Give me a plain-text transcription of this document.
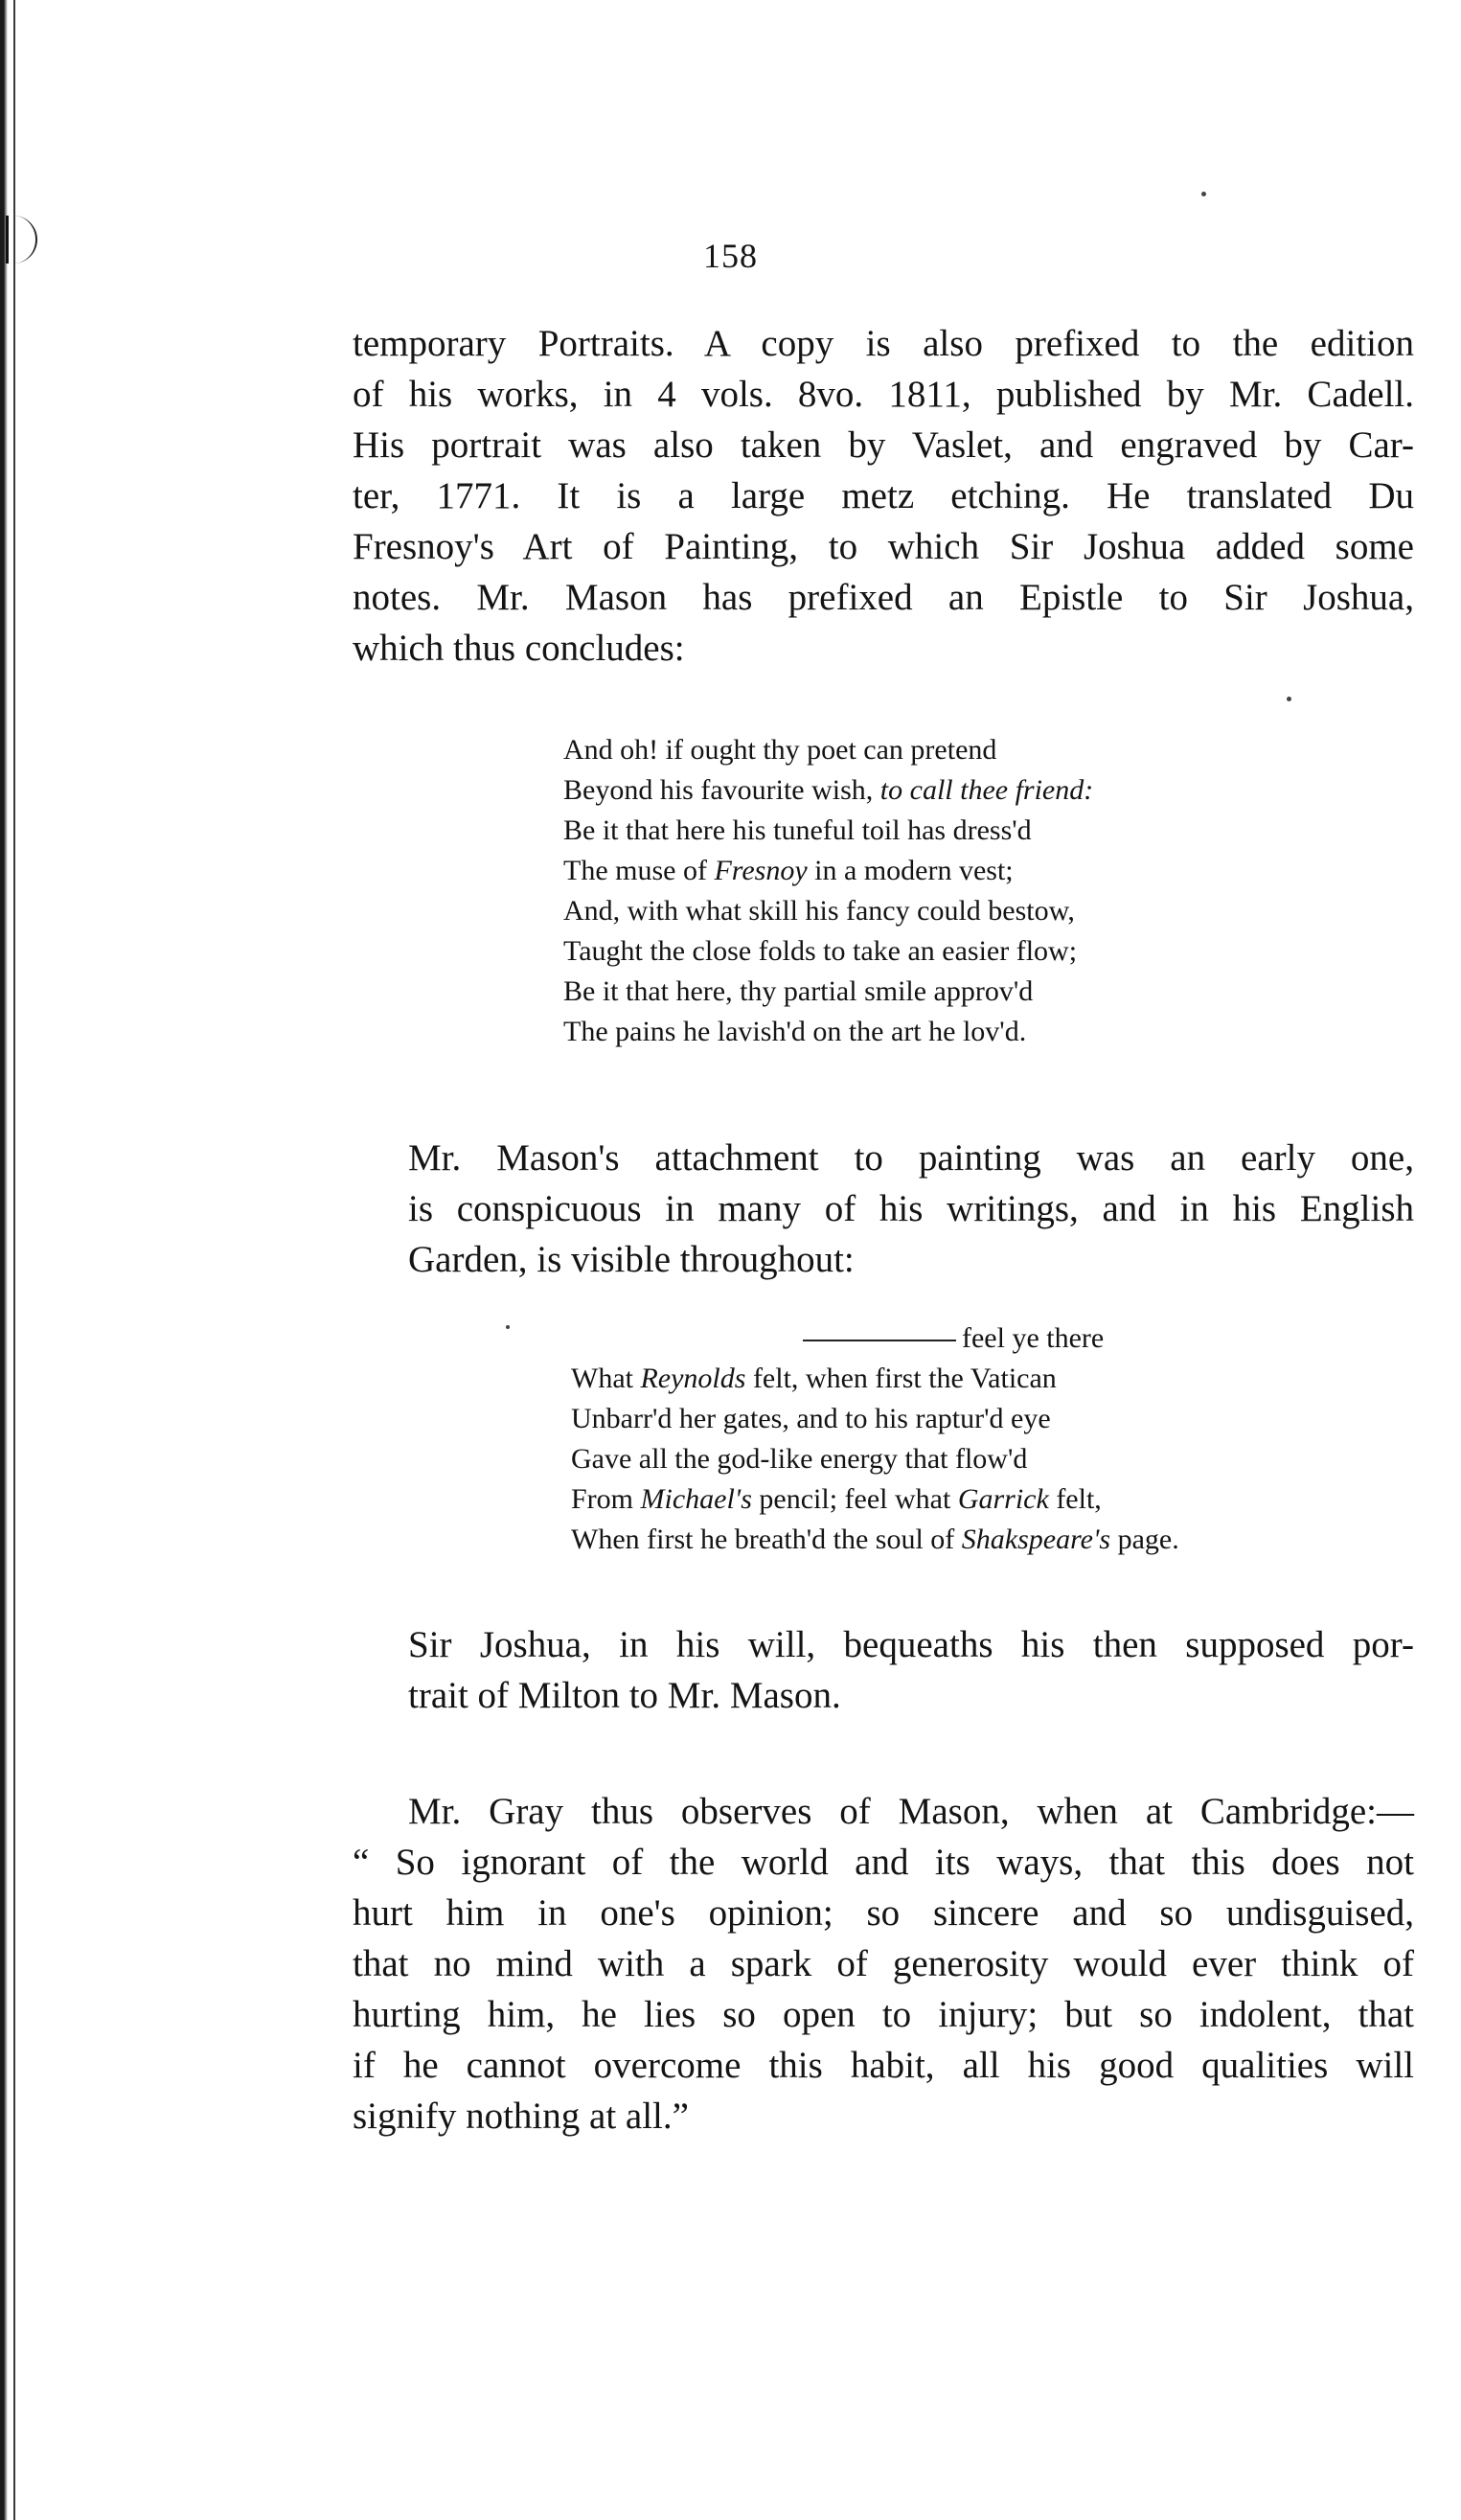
158

temporary Portraits. A copy is also prefixed to the edition
of his works, in 4 vols. 8vo. 1811, published by Mr. Cadell.
His portrait was also taken by Vaslet, and engraved by Car-
ter, 1771. It is a large metz etching. He translated Du
Fresnoy's Art of Painting, to which Sir Joshua added some
notes. Mr. Mason has prefixed an Epistle to Sir Joshua,
which thus concludes:

And oh! if ought thy poet can pretend
Beyond his favourite wish, to call thee friend:
Be it that here his tuneful toil has dress'd
The muse of Fresnoy in a modern vest;
And, with what skill his fancy could bestow,
Taught the close folds to take an easier flow;
Be it that here, thy partial smile approv'd
The pains he lavish'd on the art he lov'd.

Mr. Mason's attachment to painting was an early one,
is conspicuous in many of his writings, and in his English
Garden, is visible throughout:

feel ye there
What Reynolds felt, when first the Vatican
Unbarr'd her gates, and to his raptur'd eye
Gave all the god-like energy that flow'd
From Michael's pencil; feel what Garrick felt,
When first he breath'd the soul of Shakspeare's page.

Sir Joshua, in his will, bequeaths his then supposed por-
trait of Milton to Mr. Mason.

Mr. Gray thus observes of Mason, when at Cambridge:—
“ So ignorant of the world and its ways, that this does not
hurt him in one's opinion; so sincere and so undisguised,
that no mind with a spark of generosity would ever think of
hurting him, he lies so open to injury; but so indolent, that
if he cannot overcome this habit, all his good qualities will
signify nothing at all.”
